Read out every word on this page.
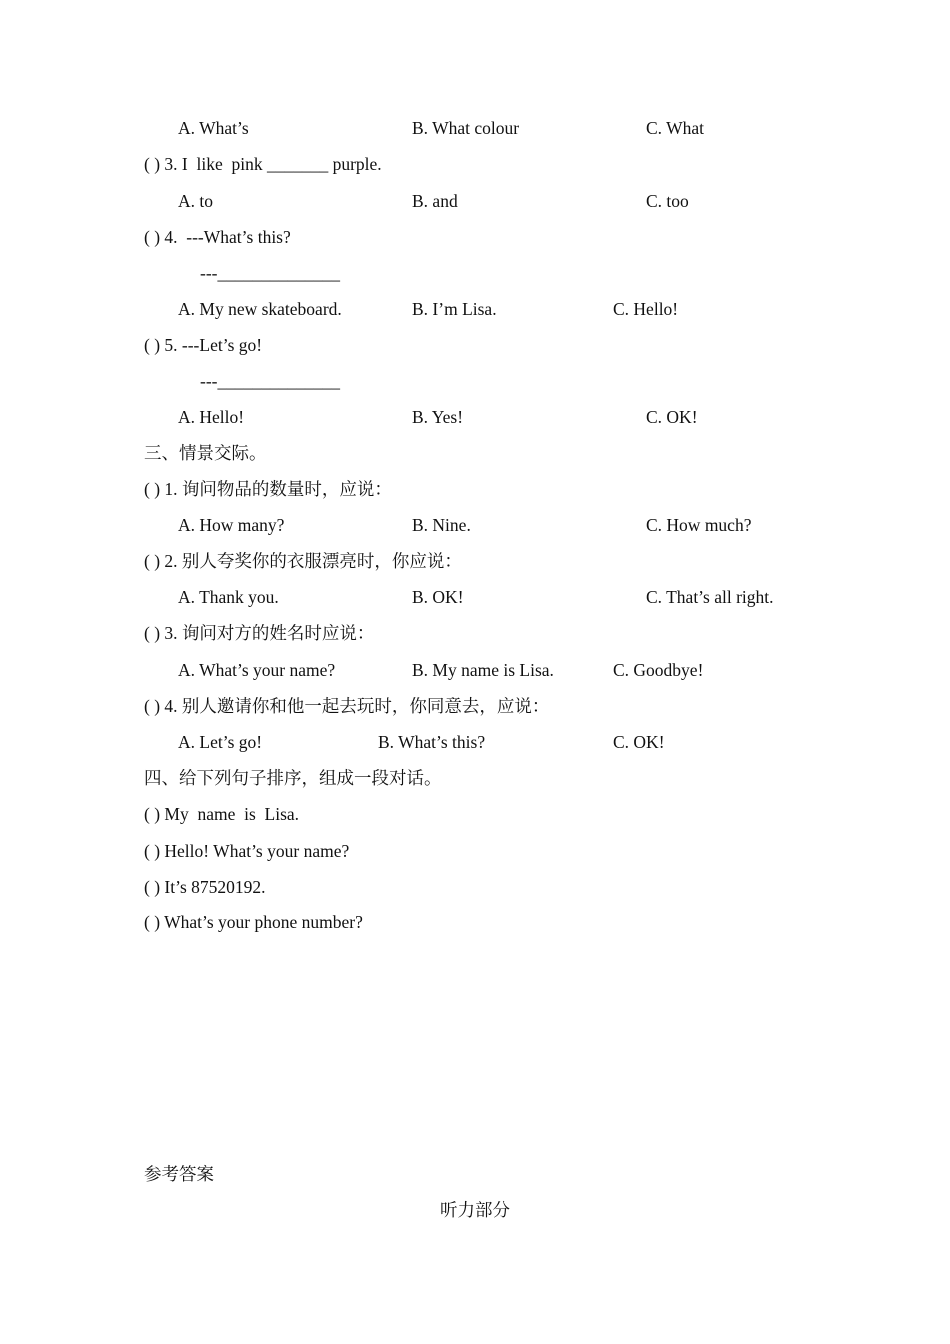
A. What’s	B. What colour	C. What
( ) 3. I  like  pink _______ purple.
A. to	B. and	C. too
( ) 4.  ---What’s this?
---______________
A. My new skateboard.	B. I’m Lisa.	C. Hello!
( ) 5. ---Let’s go!
---______________
A. Hello!	B. Yes!	C. OK!
三、情景交际。
( ) 1. 询问物品的数量时，应说：
A. How many?	B. Nine.	C. How much?
( ) 2. 别人夸奖你的衣服漂亮时，你应说：
A. Thank you.	B. OK!	C. That’s all right.
( ) 3. 询问对方的姓名时应说：
A. What’s your name?	B. My name is Lisa.	C. Goodbye!
( ) 4. 别人邀请你和他一起去玩时，你同意去，应说：
A. Let’s go!	B. What’s this?	C. OK!
四、给下列句子排序，组成一段对话。
( ) My  name  is  Lisa.
( ) Hello! What’s your name?
( ) It’s 87520192.
( ) What’s your phone number?
参考答案
听力部分
